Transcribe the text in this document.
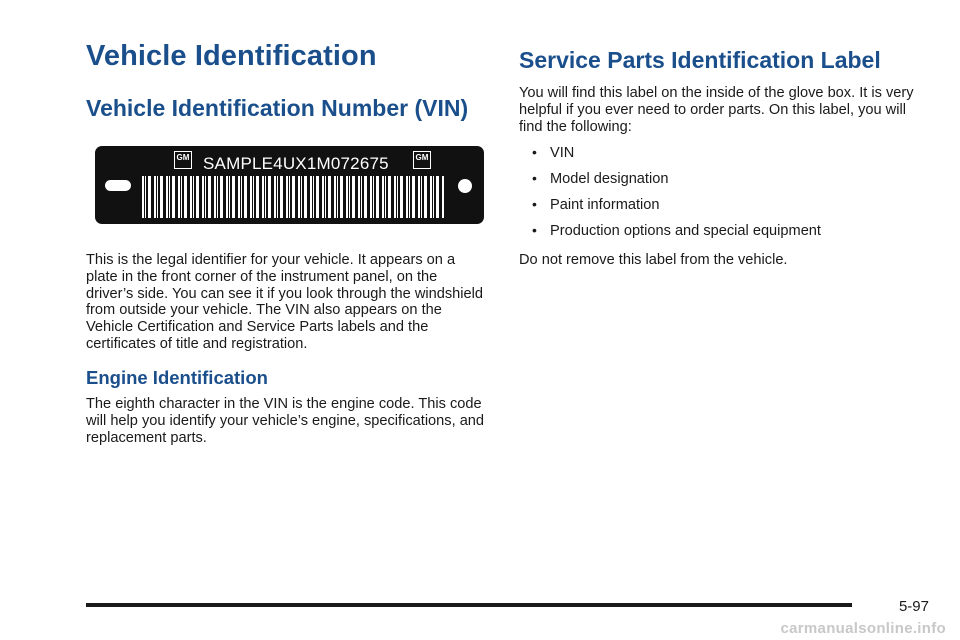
Vehicle Identification
Vehicle Identification Number (VIN)
GM SAMPLE4UX1M072675	GM

This is the legal identifier for your vehicle. It appears on a plate in the front corner of the instrument panel, on the driver’s side. You can see it if you look through the windshield from outside your vehicle. The VIN also appears on the Vehicle Certification and Service Parts labels and the certificates of title and registration.

Engine Identification

The eighth character in the VIN is the engine code. This code will help you identify your vehicle’s engine, specifications, and replacement parts.

Service Parts Identification Label

You will find this label on the inside of the glove box. It is very helpful if you ever need to order parts. On this label, you will find the following:

• VIN
• Model designation
• Paint information
• Production options and special equipment

Do not remove this label from the vehicle.

5-97
carmanualsonline.info
